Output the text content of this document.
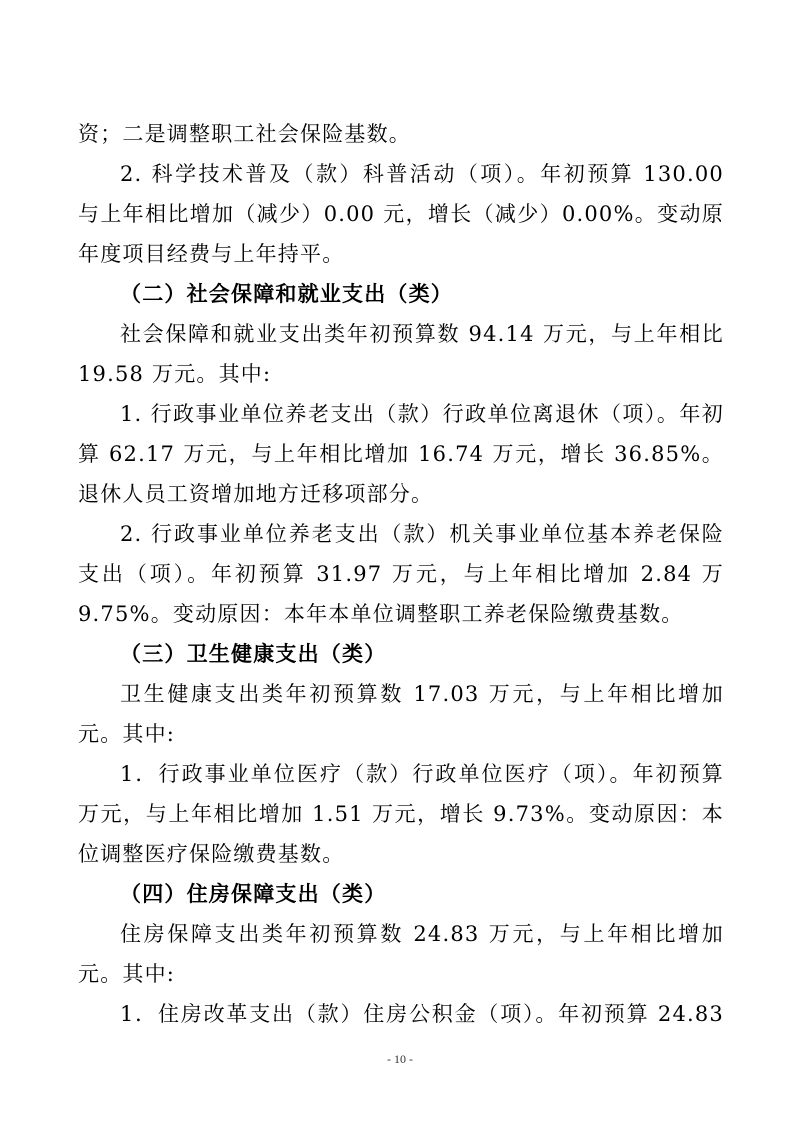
资；二是调整职工社会保险基数。
2. 科学技术普及（款）科普活动（项）。年初预算 130.00
与上年相比增加（减少）0.00 元，增长（减少）0.00%。变动原
年度项目经费与上年持平。
（二）社会保障和就业支出（类）
社会保障和就业支出类年初预算数 94.14 万元，与上年相比
19.58 万元。其中:
1. 行政事业单位养老支出（款）行政单位离退休（项）。年初
算 62.17 万元，与上年相比增加 16.74 万元，增长 36.85%。
退休人员工资增加地方迁移项部分。
2. 行政事业单位养老支出（款）机关事业单位基本养老保险
支出（项）。年初预算 31.97 万元，与上年相比增加 2.84 万
9.75%。变动原因：本年本单位调整职工养老保险缴费基数。
（三）卫生健康支出（类）
卫生健康支出类年初预算数 17.03 万元，与上年相比增加
元。其中:
1．行政事业单位医疗（款）行政单位医疗（项）。年初预算
万元，与上年相比增加 1.51 万元，增长 9.73%。变动原因：本
位调整医疗保险缴费基数。
（四）住房保障支出（类）
住房保障支出类年初预算数 24.83 万元，与上年相比增加
元。其中:
1．住房改革支出（款）住房公积金（项）。年初预算 24.83
- 10 -
